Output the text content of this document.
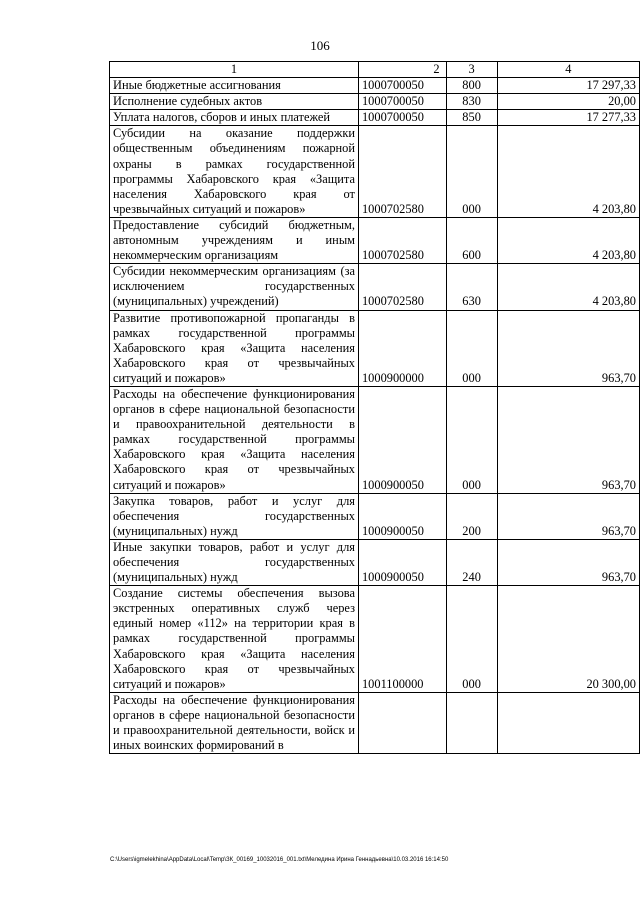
106
1	2	3	4
Иные бюджетные ассигнования	1000700050	800	17 297,33
Исполнение судебных актов	1000700050	830	20,00
Уплата налогов, сборов и иных платежей	1000700050	850	17 277,33
Субсидии на оказание поддержки общественным объединениям пожарной охраны в рамках государственной программы Хабаровского края «Защита населения Хабаровского края от чрезвычайных ситуаций и пожаров»	1000702580	000	4 203,80
Предоставление субсидий бюджетным, автономным учреждениям и иным некоммерческим организациям	1000702580	600	4 203,80
Субсидии некоммерческим организациям (за исключением государственных (муниципальных) учреждений)	1000702580	630	4 203,80
Развитие противопожарной пропаганды в рамках государственной программы Хабаровского края «Защита населения Хабаровского края от чрезвычайных ситуаций и пожаров»	1000900000	000	963,70
Расходы на обеспечение функционирования органов в сфере национальной безопасности и правоохранительной деятельности в рамках государственной программы Хабаровского края «Защита населения Хабаровского края от чрезвычайных ситуаций и пожаров»	1000900050	000	963,70
Закупка товаров, работ и услуг для обеспечения государственных (муниципальных) нужд	1000900050	200	963,70
Иные закупки товаров, работ и услуг для обеспечения государственных (муниципальных) нужд	1000900050	240	963,70
Создание системы обеспечения вызова экстренных оперативных служб через единый номер «112» на территории края в рамках государственной программы Хабаровского края «Защита населения Хабаровского края от чрезвычайных ситуаций и пожаров»	1001100000	000	20 300,00
Расходы на обеспечение функционирования органов в сфере национальной безопасности и правоохранительной деятельности, войск и иных воинских формирований в			
C:\Users\igmelekhina\AppData\Local\Temp\ЗК_00169_10032016_001.txt\Меледина Ирина Геннадьевна\10.03.2016 16:14:50
